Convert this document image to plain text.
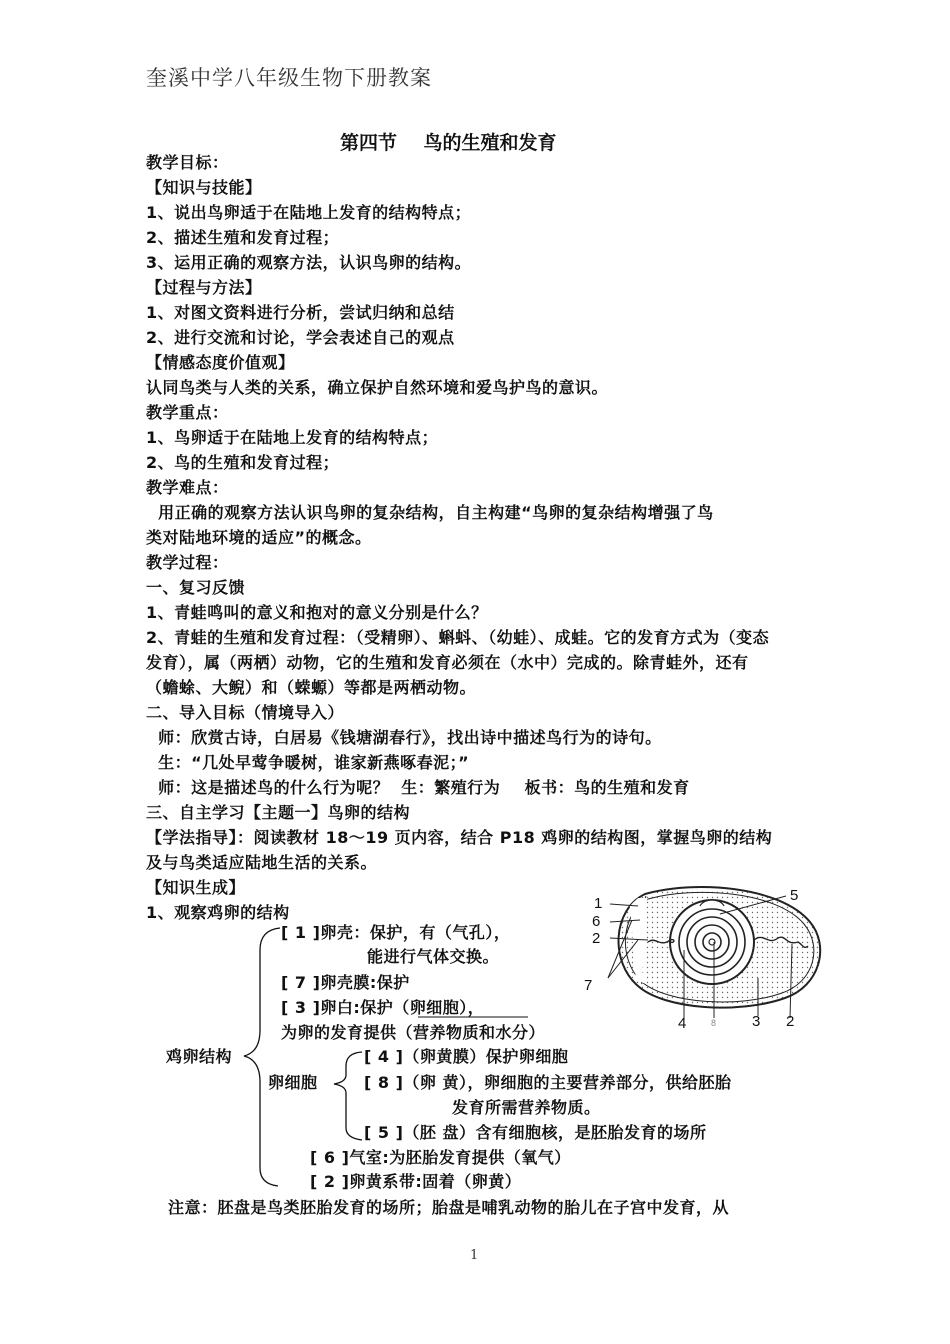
奎溪中学八年级生物下册教案
第四节    鸟的生殖和发育
教学目标：
【知识与技能】
1、说出鸟卵适于在陆地上发育的结构特点；
2、描述生殖和发育过程；
3、运用正确的观察方法，认识鸟卵的结构。
【过程与方法】
1、对图文资料进行分析，尝试归纳和总结
2、进行交流和讨论，学会表述自己的观点
【情感态度价值观】
认同鸟类与人类的关系，确立保护自然环境和爱鸟护鸟的意识。
教学重点：
1、鸟卵适于在陆地上发育的结构特点；
2、鸟的生殖和发育过程；
教学难点：
用正确的观察方法认识鸟卵的复杂结构，自主构建“鸟卵的复杂结构增强了鸟
类对陆地环境的适应”的概念。
教学过程：
一、复习反馈
1、青蛙鸣叫的意义和抱对的意义分别是什么？
2、青蛙的生殖和发育过程：（受精卵）、蝌蚪、（幼蛙）、成蛙。它的发育方式为（变态
发育），属（两栖）动物，它的生殖和发育必须在（水中）完成的。除青蛙外，还有
（蟾蜍、大鲵）和（蝾螈）等都是两栖动物。
二、导入目标（情境导入）
师：欣赏古诗，白居易《钱塘湖春行》，找出诗中描述鸟行为的诗句。
生：“几处早莺争暖树，谁家新燕啄春泥；”
师：这是描述鸟的什么行为呢？  生：繁殖行为    板书：鸟的生殖和发育
三、自主学习【主题一】鸟卵的结构
【学法指导】：阅读教材 18～19 页内容，结合 P18 鸡卵的结构图，掌握鸟卵的结构
及与鸟类适应陆地生活的关系。
【知识生成】
1、观察鸡卵的结构
鸡卵结构
[ 1 ]卵壳：保护，有（气孔），
能进行气体交换。
[ 7 ]卵壳膜:保护
[ 3 ]卵白:保护（卵细胞），
为卵的发育提供（营养物质和水分）
卵细胞
[ 4 ]（卵黄膜）保护卵细胞
[ 8 ]（卵 黄），卵细胞的主要营养部分，供给胚胎
发育所需营养物质。
[ 5 ]（胚 盘）含有细胞核，是胚胎发育的场所
[ 6 ]气室:为胚胎发育提供（氧气）
[ 2 ]卵黄系带:固着（卵黄）
1
6
2
5
7
4	8 3 2
注意：胚盘是鸟类胚胎发育的场所；胎盘是哺乳动物的胎儿在子宫中发育，从
1
